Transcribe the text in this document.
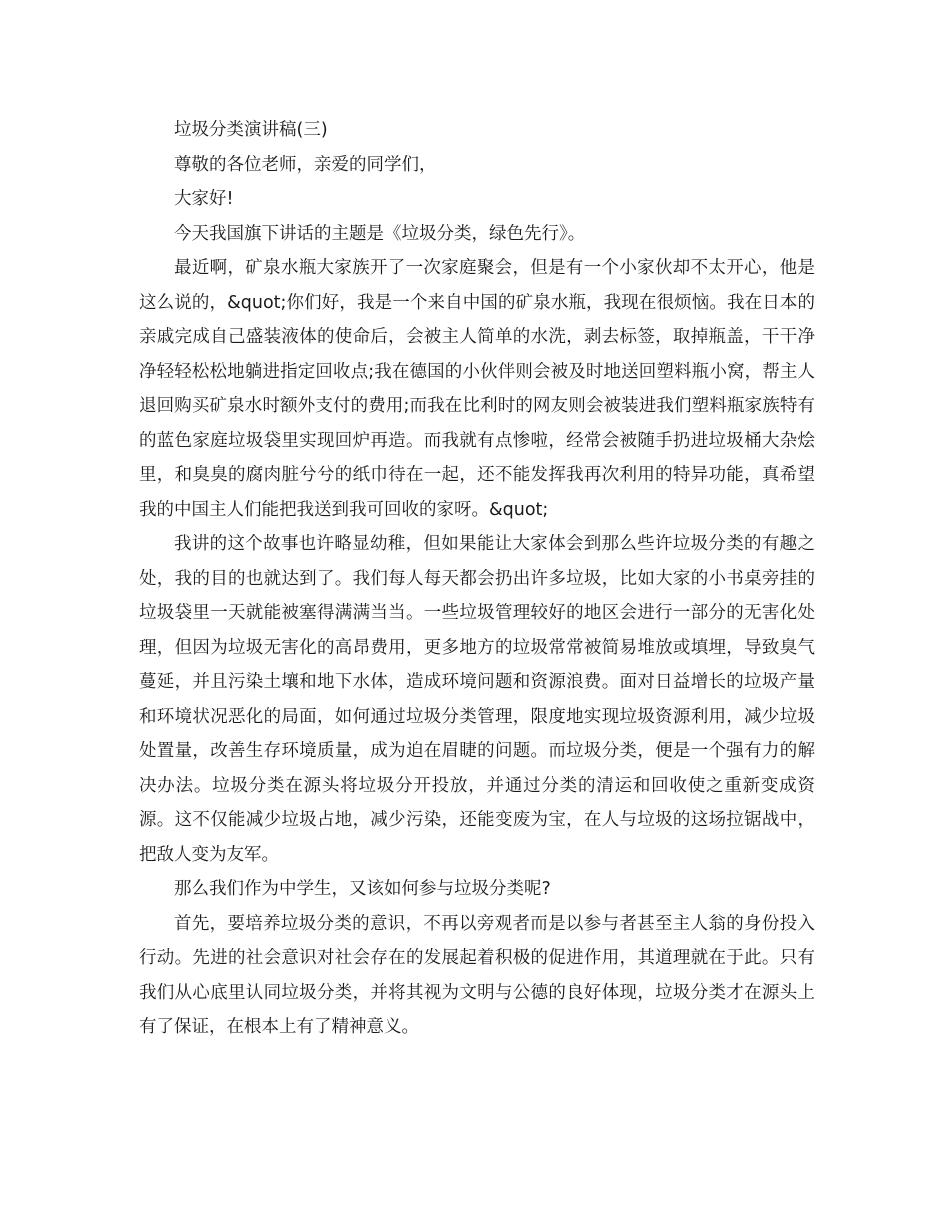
垃圾分类演讲稿(三)

尊敬的各位老师，亲爱的同学们，

大家好!

今天我国旗下讲话的主题是《垃圾分类，绿色先行》。

最近啊，矿泉水瓶大家族开了一次家庭聚会，但是有一个小家伙却不太开心，他是这么说的，&quot;你们好，我是一个来自中国的矿泉水瓶，我现在很烦恼。我在日本的亲戚完成自己盛装液体的使命后，会被主人简单的水洗，剥去标签，取掉瓶盖，干干净净轻轻松松地躺进指定回收点;我在德国的小伙伴则会被及时地送回塑料瓶小窝，帮主人退回购买矿泉水时额外支付的费用;而我在比利时的网友则会被装进我们塑料瓶家族特有的蓝色家庭垃圾袋里实现回炉再造。而我就有点惨啦，经常会被随手扔进垃圾桶大杂烩里，和臭臭的腐肉脏兮兮的纸巾待在一起，还不能发挥我再次利用的特异功能，真希望我的中国主人们能把我送到我可回收的家呀。&quot;

我讲的这个故事也许略显幼稚，但如果能让大家体会到那么些许垃圾分类的有趣之处，我的目的也就达到了。我们每人每天都会扔出许多垃圾，比如大家的小书桌旁挂的垃圾袋里一天就能被塞得满满当当。一些垃圾管理较好的地区会进行一部分的无害化处理，但因为垃圾无害化的高昂费用，更多地方的垃圾常常被简易堆放或填埋，导致臭气蔓延，并且污染土壤和地下水体，造成环境问题和资源浪费。面对日益增长的垃圾产量和环境状况恶化的局面，如何通过垃圾分类管理，限度地实现垃圾资源利用，减少垃圾处置量，改善生存环境质量，成为迫在眉睫的问题。而垃圾分类，便是一个强有力的解决办法。垃圾分类在源头将垃圾分开投放，并通过分类的清运和回收使之重新变成资源。这不仅能减少垃圾占地，减少污染，还能变废为宝，在人与垃圾的这场拉锯战中，把敌人变为友军。

那么我们作为中学生，又该如何参与垃圾分类呢?

首先，要培养垃圾分类的意识，不再以旁观者而是以参与者甚至主人翁的身份投入行动。先进的社会意识对社会存在的发展起着积极的促进作用，其道理就在于此。只有我们从心底里认同垃圾分类，并将其视为文明与公德的良好体现，垃圾分类才在源头上有了保证，在根本上有了精神意义。
